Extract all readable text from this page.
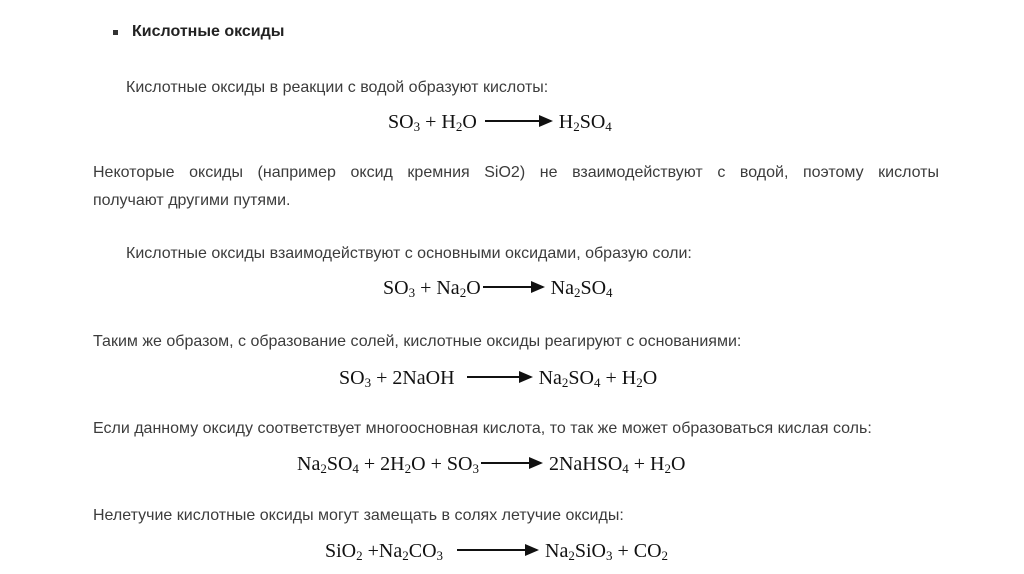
Кислотные оксиды
Кислотные оксиды в реакции с водой образуют кислоты:
$SO_3 + H_2O \to H_2SO_4$
Некоторые оксиды (например оксид кремния SiO2) не взаимодействуют с водой, поэтому кислоты
получают другими путями.
Кислотные оксиды взаимодействуют с основными оксидами, образую соли:
$SO_3 + Na_2O \to Na_2SO_4$
Таким же образом, с образование солей, кислотные оксиды реагируют с основаниями:
$SO_3$ + 2NaOH → $Na_2SO_4 + H_2O$
Если данному оксиду соответствует многоосновная кислота, то так же может образоваться кислая соль:
$Na_2SO_4 + 2H_2O + SO_3$ → 2NaHSO$_4$ + $H_2O$
Нелетучие кислотные оксиды могут замещать в солях летучие оксиды:
$SiO_2 +Na_2CO_3 \to Na_2SiO_3 + CO_2$
